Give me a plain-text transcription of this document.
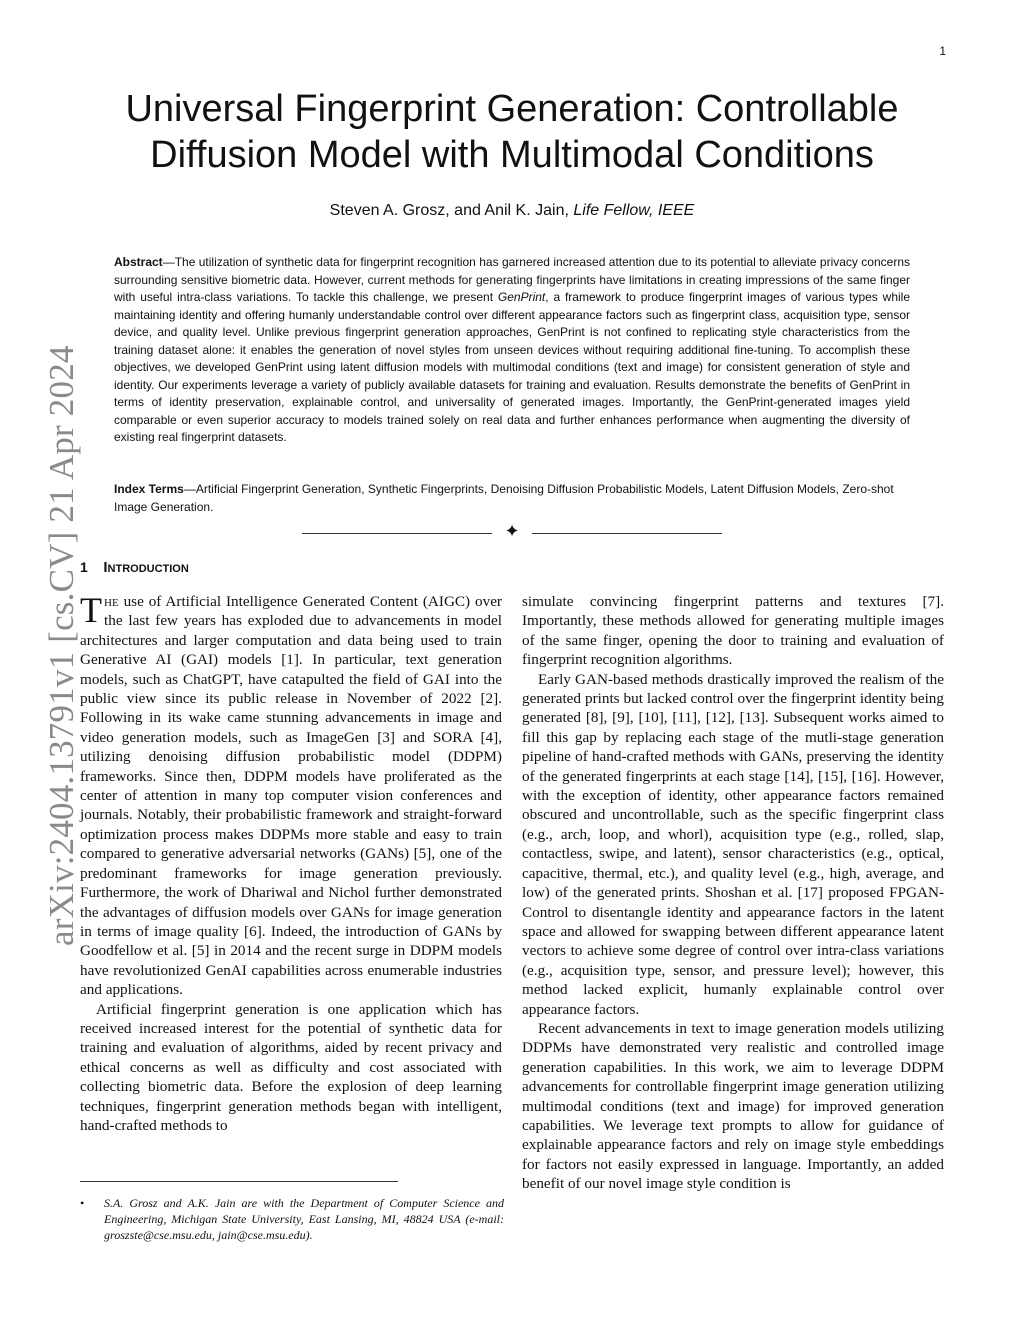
1
arXiv:2404.13791v1 [cs.CV] 21 Apr 2024
Universal Fingerprint Generation: Controllable Diffusion Model with Multimodal Conditions
Steven A. Grosz, and Anil K. Jain, Life Fellow, IEEE
Abstract—The utilization of synthetic data for fingerprint recognition has garnered increased attention due to its potential to alleviate privacy concerns surrounding sensitive biometric data. However, current methods for generating fingerprints have limitations in creating impressions of the same finger with useful intra-class variations. To tackle this challenge, we present GenPrint, a framework to produce fingerprint images of various types while maintaining identity and offering humanly understandable control over different appearance factors such as fingerprint class, acquisition type, sensor device, and quality level. Unlike previous fingerprint generation approaches, GenPrint is not confined to replicating style characteristics from the training dataset alone: it enables the generation of novel styles from unseen devices without requiring additional fine-tuning. To accomplish these objectives, we developed GenPrint using latent diffusion models with multimodal conditions (text and image) for consistent generation of style and identity. Our experiments leverage a variety of publicly available datasets for training and evaluation. Results demonstrate the benefits of GenPrint in terms of identity preservation, explainable control, and universality of generated images. Importantly, the GenPrint-generated images yield comparable or even superior accuracy to models trained solely on real data and further enhances performance when augmenting the diversity of existing real fingerprint datasets.
Index Terms—Artificial Fingerprint Generation, Synthetic Fingerprints, Denoising Diffusion Probabilistic Models, Latent Diffusion Models, Zero-shot Image Generation.
✦
1 Introduction

The use of Artificial Intelligence Generated Content (AIGC) over the last few years has exploded due to advancements in model architectures and larger computation and data being used to train Generative AI (GAI) models [1]. In particular, text generation models, such as ChatGPT, have catapulted the field of GAI into the public view since its public release in November of 2022 [2]. Following in its wake came stunning advancements in image and video generation models, such as ImageGen [3] and SORA [4], utilizing denoising diffusion probabilistic model (DDPM) frameworks. Since then, DDPM models have proliferated as the center of attention in many top computer vision conferences and journals. Notably, their probabilistic framework and straight-forward optimization process makes DDPMs more stable and easy to train compared to generative adversarial networks (GANs) [5], one of the predominant frameworks for image generation previously. Furthermore, the work of Dhariwal and Nichol further demonstrated the advantages of diffusion models over GANs for image generation in terms of image quality [6]. Indeed, the introduction of GANs by Goodfellow et al. [5] in 2014 and the recent surge in DDPM models have revolutionized GenAI capabilities across enumerable industries and applications.

Artificial fingerprint generation is one application which has received increased interest for the potential of synthetic data for training and evaluation of algorithms, aided by recent privacy and ethical concerns as well as difficulty and cost associated with collecting biometric data. Before the explosion of deep learning techniques, fingerprint generation methods began with intelligent, hand-crafted methods to

simulate convincing fingerprint patterns and textures [7]. Importantly, these methods allowed for generating multiple images of the same finger, opening the door to training and evaluation of fingerprint recognition algorithms.

Early GAN-based methods drastically improved the realism of the generated prints but lacked control over the fingerprint identity being generated [8], [9], [10], [11], [12], [13]. Subsequent works aimed to fill this gap by replacing each stage of the mutli-stage generation pipeline of hand-crafted methods with GANs, preserving the identity of the generated fingerprints at each stage [14], [15], [16]. However, with the exception of identity, other appearance factors remained obscured and uncontrollable, such as the specific fingerprint class (e.g., arch, loop, and whorl), acquisition type (e.g., rolled, slap, contactless, swipe, and latent), sensor characteristics (e.g., optical, capacitive, thermal, etc.), and quality level (e.g., high, average, and low) of the generated prints. Shoshan et al. [17] proposed FPGAN-Control to disentangle identity and appearance factors in the latent space and allowed for swapping between different appearance latent vectors to achieve some degree of control over intra-class variations (e.g., acquisition type, sensor, and pressure level); however, this method lacked explicit, humanly explainable control over appearance factors.

Recent advancements in text to image generation models utilizing DDPMs have demonstrated very realistic and controlled image generation capabilities. In this work, we aim to leverage DDPM advancements for controllable fingerprint image generation utilizing multimodal conditions (text and image) for improved generation capabilities. We leverage text prompts to allow for guidance of explainable appearance factors and rely on image style embeddings for factors not easily expressed in language. Importantly, an added benefit of our novel image style condition is

• S.A. Grosz and A.K. Jain are with the Department of Computer Science and Engineering, Michigan State University, East Lansing, MI, 48824 USA (e-mail: groszste@cse.msu.edu, jain@cse.msu.edu).
